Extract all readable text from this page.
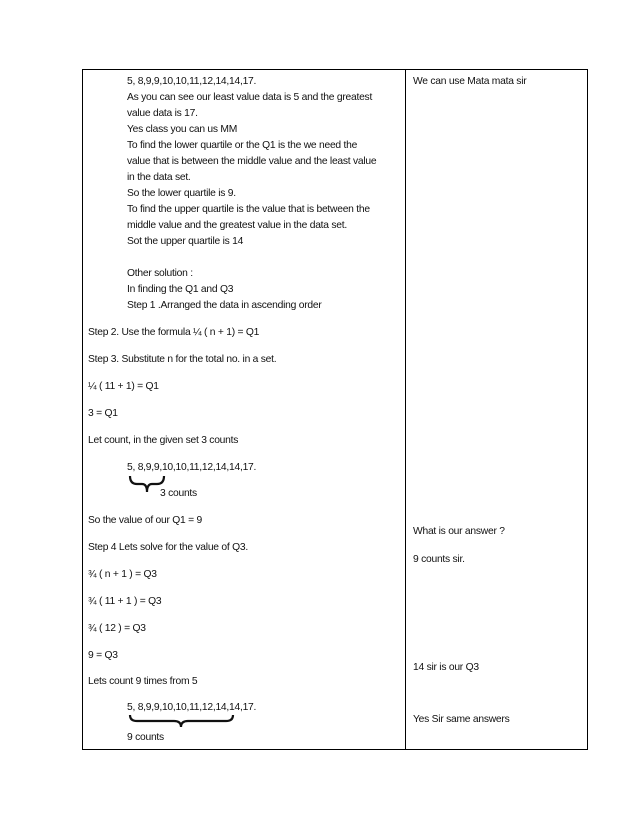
5, 8,9,9,10,10,11,12,14,14,17.
As you can see our least value data is 5 and the greatest
value data is 17.
Yes class you can us MM
To find the lower quartile or the Q1 is the we need the
value that is between the middle value and the least value
in the data set.
So the lower quartile is 9.
To find the upper quartile is the value that is between the
middle value and the greatest value in the data set.
Sot the upper quartile is 14
Other solution :
In finding the Q1 and Q3
Step 1 .Arranged the data in ascending order
Step 2. Use the formula ¼ ( n + 1) = Q1
Step 3. Substitute n for the total no. in a set.
¼ ( 11 + 1) = Q1
3 = Q1
Let count, in the given set 3 counts
5, 8,9,9,10,10,11,12,14,14,17.
3 counts
So the value of our Q1 = 9
Step 4 Lets solve for the value of Q3.
¾ ( n + 1 ) = Q3
¾ ( 11 + 1 ) = Q3
¾ ( 12 ) = Q3
9 = Q3
Lets count 9 times from 5
5, 8,9,9,10,10,11,12,14,14,17.
9 counts
We can use Mata mata sir
What is our answer ?
9 counts sir.
14 sir is our Q3
Yes Sir same answers
